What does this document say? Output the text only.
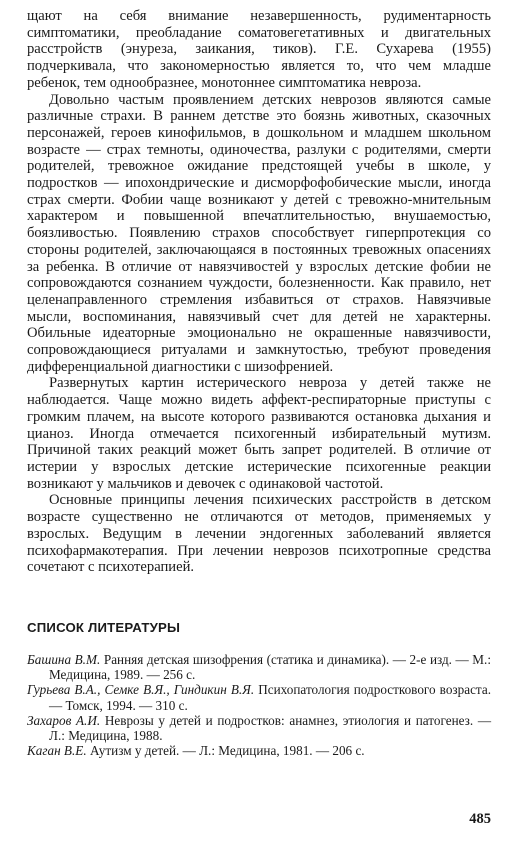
щают на себя внимание незавершенность, рудиментарность симптоматики, преобладание соматовегетативных и двигательных расстройств (энуреза, заикания, тиков). Г.Е. Сухарева (1955) подчеркивала, что закономерностью является то, что чем младше ребенок, тем однообразнее, монотоннее симптоматика невроза.

Довольно частым проявлением детских неврозов являются самые различные страхи. В раннем детстве это боязнь животных, сказочных персонажей, героев кинофильмов, в дошкольном и младшем школьном возрасте — страх темноты, одиночества, разлуки с родителями, смерти родителей, тревожное ожидание предстоящей учебы в школе, у подростков — ипохондрические и дисморфофобические мысли, иногда страх смерти. Фобии чаще возникают у детей с тревожно-мнительным характером и повышенной впечатлительностью, внушаемостью, боязливостью. Появлению страхов способствует гиперпротекция со стороны родителей, заключающаяся в постоянных тревожных опасениях за ребенка. В отличие от навязчивостей у взрослых детские фобии не сопровождаются сознанием чуждости, болезненности. Как правило, нет целенаправленного стремления избавиться от страхов. Навязчивые мысли, воспоминания, навязчивый счет для детей не характерны. Обильные идеаторные эмоционально не окрашенные навязчивости, сопровождающиеся ритуалами и замкнутостью, требуют проведения дифференциальной диагностики с шизофренией.

Развернутых картин истерического невроза у детей также не наблюдается. Чаще можно видеть аффект-респираторные приступы с громким плачем, на высоте которого развиваются остановка дыхания и цианоз. Иногда отмечается психогенный избирательный мутизм. Причиной таких реакций может быть запрет родителей. В отличие от истерии у взрослых детские истерические психогенные реакции возникают у мальчиков и девочек с одинаковой частотой.

Основные принципы лечения психических расстройств в детском возрасте существенно не отличаются от методов, применяемых у взрослых. Ведущим в лечении эндогенных заболеваний является психофармакотерапия. При лечении неврозов психотропные средства сочетают с психотерапией.

СПИСОК ЛИТЕРАТУРЫ
Башина В.М. Ранняя детская шизофрения (статика и динамика). — 2-е изд. — М.: Медицина, 1989. — 256 с.
Гурьева В.А., Семке В.Я., Гиндикин В.Я. Психопатология подросткового возраста. — Томск, 1994. — 310 с.
Захаров А.И. Неврозы у детей и подростков: анамнез, этиология и патогенез. — Л.: Медицина, 1988.
Каган В.Е. Аутизм у детей. — Л.: Медицина, 1981. — 206 с.
485
